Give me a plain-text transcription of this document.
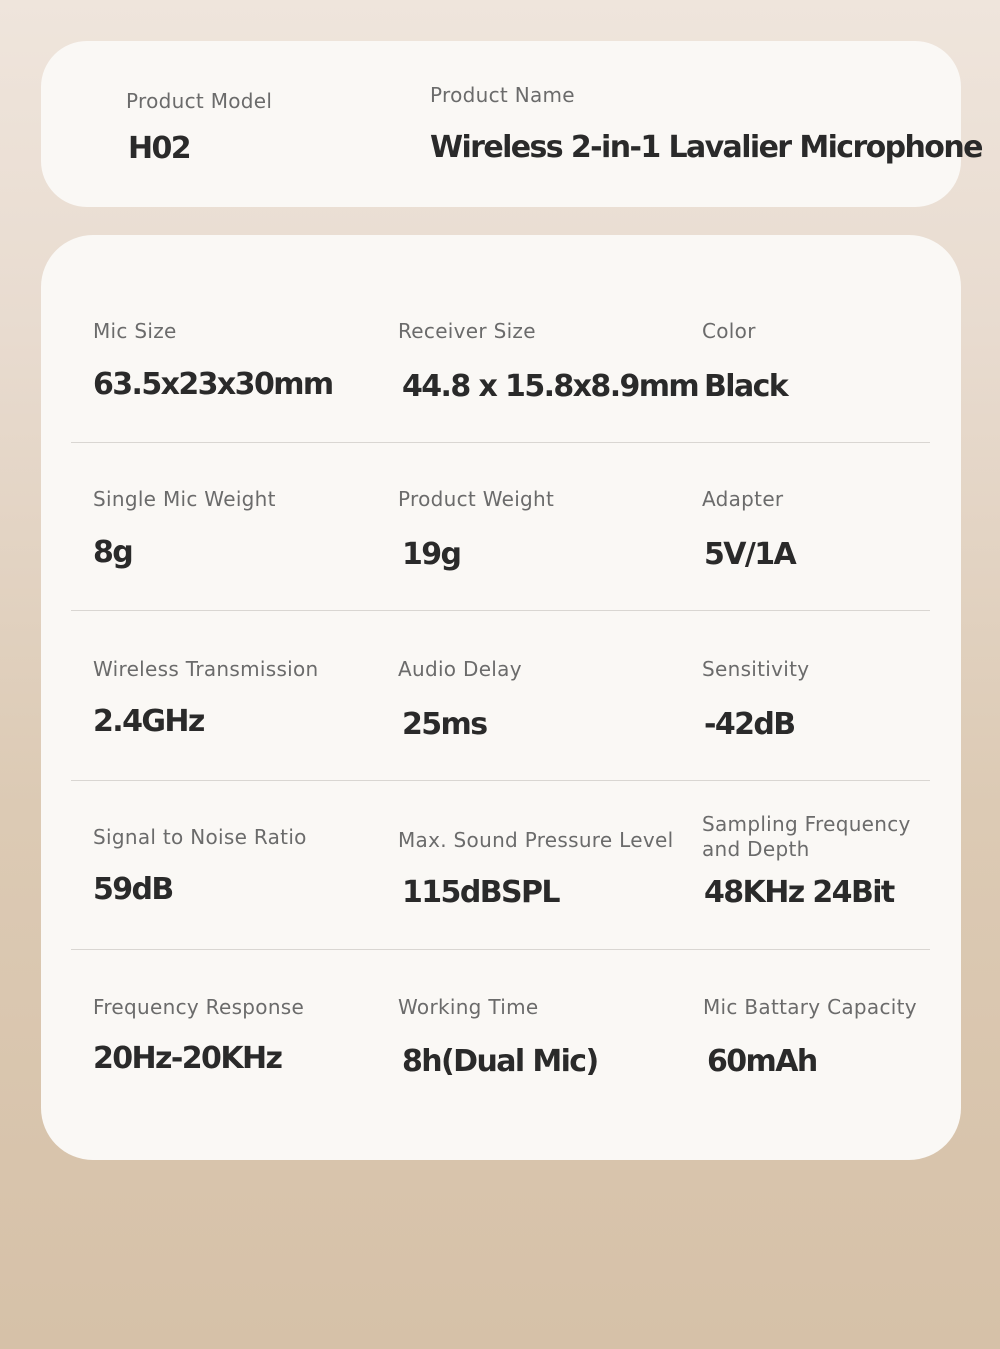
Product Model
H02
Product Name
Wireless 2-in-1 Lavalier Microphone
Mic Size
63.5x23x30mm
Receiver Size
44.8 x 15.8x8.9mm
Color
Black
Single Mic Weight
8g
Product Weight
19g
Adapter
5V/1A
Wireless Transmission
2.4GHz
Audio Delay
25ms
Sensitivity
-42dB
Signal to Noise Ratio
59dB
Max. Sound Pressure Level
115dBSPL
Sampling Frequency and Depth
48KHz 24Bit
Frequency Response
20Hz-20KHz
Working Time
8h(Dual Mic)
Mic Battary Capacity
60mAh
